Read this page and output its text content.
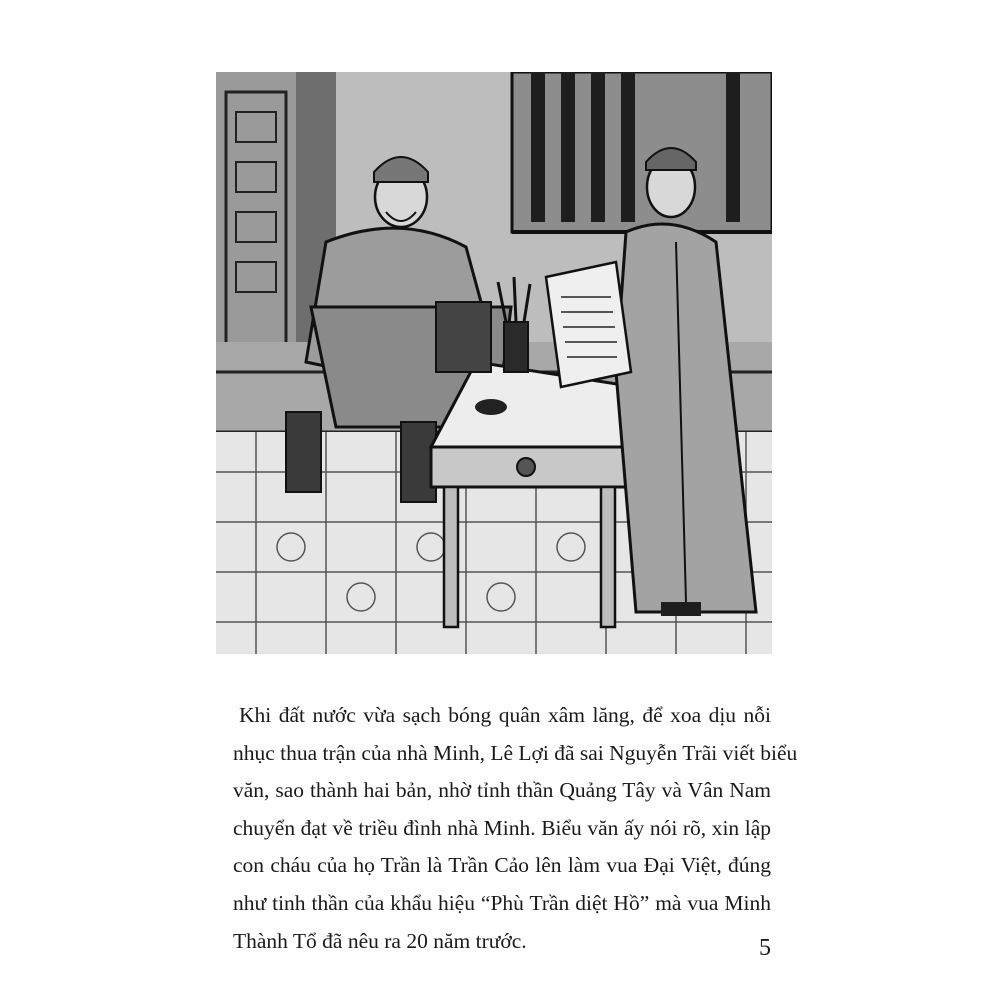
Khi đất nước vừa sạch bóng quân xâm lăng, để xoa dịu nỗi
nhục thua trận của nhà Minh, Lê Lợi đã sai Nguyễn Trãi viết biểu
văn, sao thành hai bản, nhờ tỉnh thần Quảng Tây và Vân Nam
chuyển đạt về triều đình nhà Minh. Biểu văn ấy nói rõ, xin lập
con cháu của họ Trần là Trần Cảo lên làm vua Đại Việt, đúng
như tinh thần của khẩu hiệu “Phù Trần diệt Hồ” mà vua Minh
Thành Tổ đã nêu ra 20 năm trước.	5
